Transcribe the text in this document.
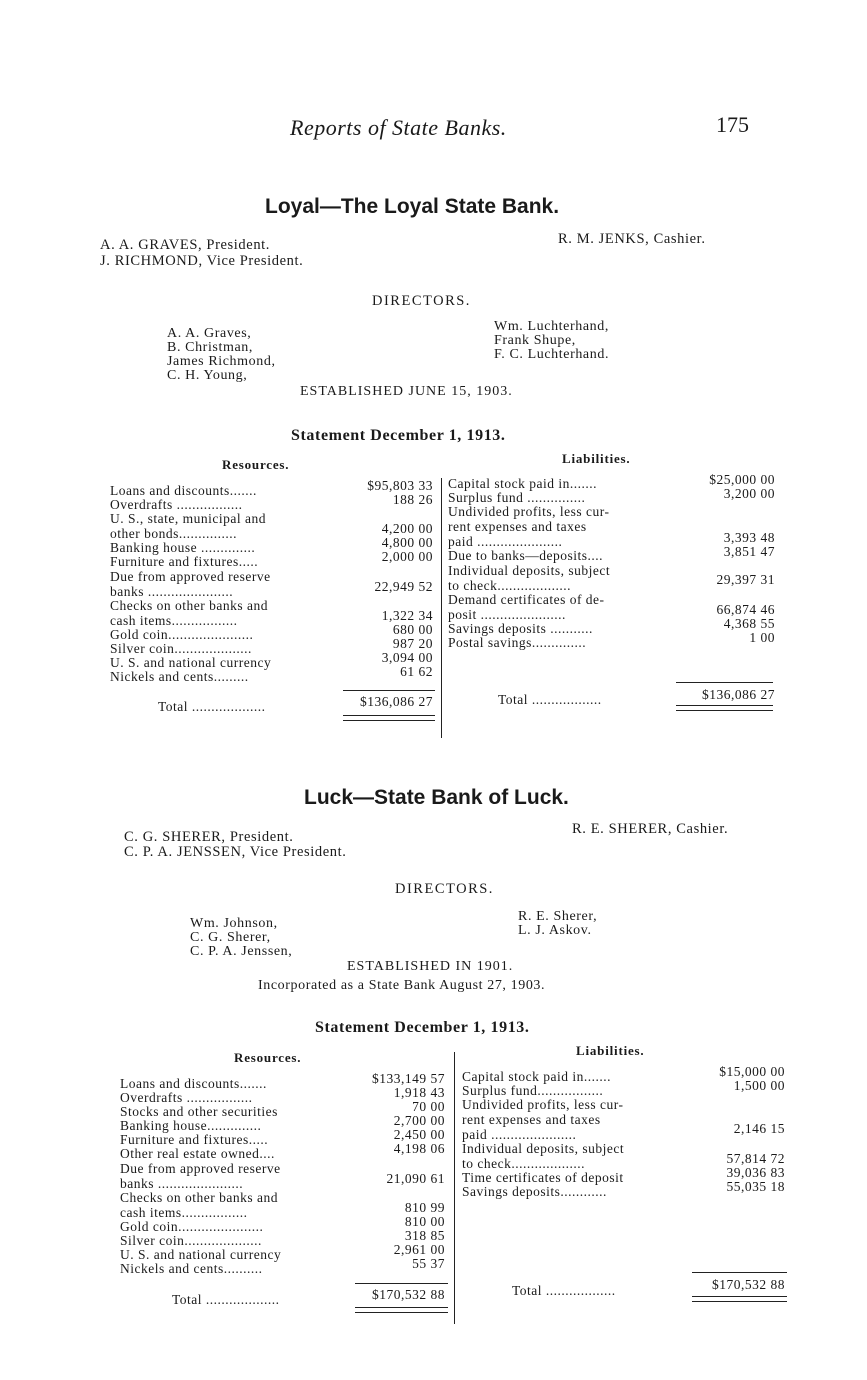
Reports of State Banks.	175
Loyal—The Loyal State Bank.
A. A. GRAVES, President.
J. RICHMOND, Vice President.
R. M. JENKS, Cashier.
DIRECTORS.
A. A. Graves,
B. Christman,
James Richmond,
C. H. Young,
Wm. Luchterhand,
Frank Shupe,
F. C. Luchterhand.
ESTABLISHED JUNE 15, 1903.
Statement December 1, 1913.
Resources.	Liabilities.
Loans and discounts.......	$95,803 33
Overdrafts .................	188 26
U. S., state, municipal and
other bonds...............	4,200 00
Banking house ..............	4,800 00
Furniture and fixtures.....	2,000 00
Due from approved reserve
banks ......................	22,949 52
Checks on other banks and
cash items.................	1,322 34
Gold coin......................	680 00
Silver coin....................	987 20
U. S. and national currency	3,094 00
Nickels and cents.........	61 62
Total ...................	$136,086 27
Capital stock paid in.......	$25,000 00
Surplus fund ...............	3,200 00
Undivided profits, less cur-
rent expenses and taxes
paid ......................	3,393 48
Due to banks—deposits....	3,851 47
Individual deposits, subject
to check...................	29,397 31
Demand certificates of de-
posit ......................	66,874 46
Savings deposits ...........	4,368 55
Postal savings..............	1 00
Total ..................	$136,086 27
Luck—State Bank of Luck.
C. G. SHERER, President.
C. P. A. JENSSEN, Vice President.
R. E. SHERER, Cashier.
DIRECTORS.
Wm. Johnson,
C. G. Sherer,
C. P. A. Jenssen,
R. E. Sherer,
L. J. Askov.
ESTABLISHED IN 1901.
Incorporated as a State Bank August 27, 1903.
Statement December 1, 1913.
Resources.	Liabilities.
Loans and discounts.......	$133,149 57
Overdrafts .................	1,918 43
Stocks and other securities	70 00
Banking house..............	2,700 00
Furniture and fixtures.....	2,450 00
Other real estate owned....	4,198 06
Due from approved reserve
banks ......................	21,090 61
Checks on other banks and
cash items.................	810 99
Gold coin......................	810 00
Silver coin....................	318 85
U. S. and national currency	2,961 00
Nickels and cents..........	55 37
Total ...................	$170,532 88
Capital stock paid in.......	$15,000 00
Surplus fund.................	1,500 00
Undivided profits, less cur-
rent expenses and taxes
paid ......................	2,146 15
Individual deposits, subject
to check...................	57,814 72
Time certificates of deposit	39,036 83
Savings deposits............	55,035 18
Total ..................	$170,532 88
